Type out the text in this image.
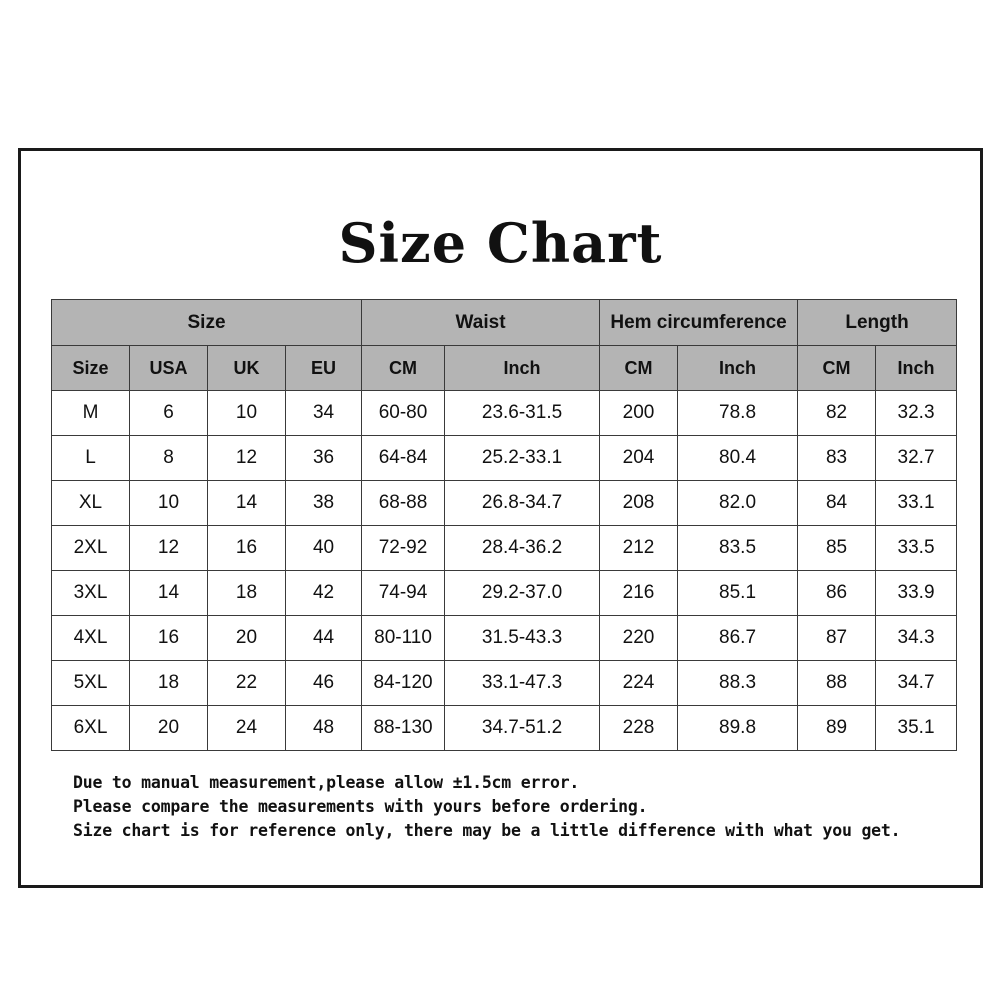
Size Chart
Size				Waist		Hem circumference		Length	
Size	USA	UK	EU	CM	Inch	CM	Inch	CM	Inch
M	6	10	34	60-80	23.6-31.5	200	78.8	82	32.3
L	8	12	36	64-84	25.2-33.1	204	80.4	83	32.7
XL	10	14	38	68-88	26.8-34.7	208	82.0	84	33.1
2XL	12	16	40	72-92	28.4-36.2	212	83.5	85	33.5
3XL	14	18	42	74-94	29.2-37.0	216	85.1	86	33.9
4XL	16	20	44	80-110	31.5-43.3	220	86.7	87	34.3
5XL	18	22	46	84-120	33.1-47.3	224	88.3	88	34.7
6XL	20	24	48	88-130	34.7-51.2	228	89.8	89	35.1
Due to manual measurement,please allow ±1.5cm error.
Please compare the measurements with yours before ordering.
Size chart is for reference only, there may be a little difference with what you get.
